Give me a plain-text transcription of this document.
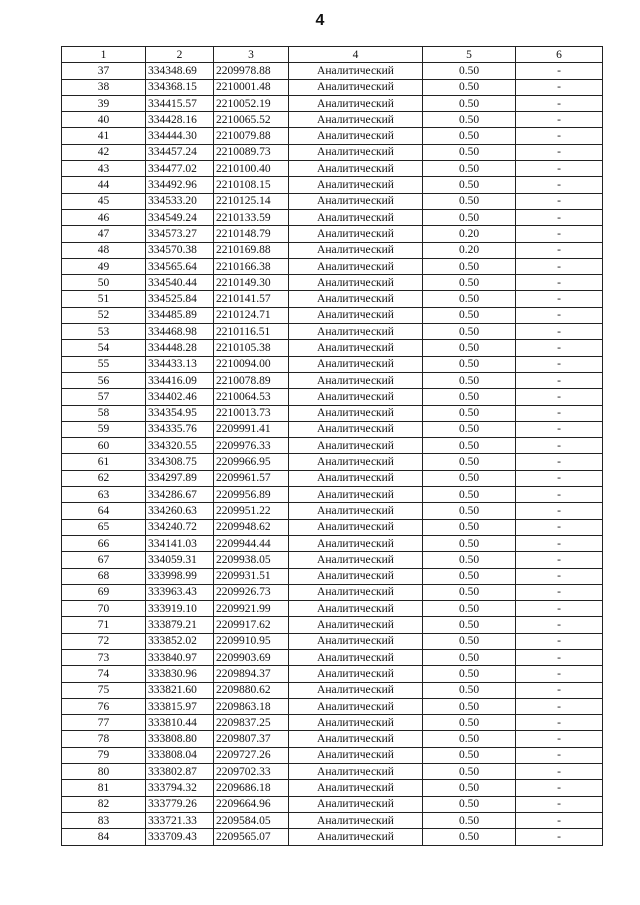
4
1	2	3	4	5	6
37	334348.69	2209978.88	Аналитический	0.50	-
38	334368.15	2210001.48	Аналитический	0.50	-
39	334415.57	2210052.19	Аналитический	0.50	-
40	334428.16	2210065.52	Аналитический	0.50	-
41	334444.30	2210079.88	Аналитический	0.50	-
42	334457.24	2210089.73	Аналитический	0.50	-
43	334477.02	2210100.40	Аналитический	0.50	-
44	334492.96	2210108.15	Аналитический	0.50	-
45	334533.20	2210125.14	Аналитический	0.50	-
46	334549.24	2210133.59	Аналитический	0.50	-
47	334573.27	2210148.79	Аналитический	0.20	-
48	334570.38	2210169.88	Аналитический	0.20	-
49	334565.64	2210166.38	Аналитический	0.50	-
50	334540.44	2210149.30	Аналитический	0.50	-
51	334525.84	2210141.57	Аналитический	0.50	-
52	334485.89	2210124.71	Аналитический	0.50	-
53	334468.98	2210116.51	Аналитический	0.50	-
54	334448.28	2210105.38	Аналитический	0.50	-
55	334433.13	2210094.00	Аналитический	0.50	-
56	334416.09	2210078.89	Аналитический	0.50	-
57	334402.46	2210064.53	Аналитический	0.50	-
58	334354.95	2210013.73	Аналитический	0.50	-
59	334335.76	2209991.41	Аналитический	0.50	-
60	334320.55	2209976.33	Аналитический	0.50	-
61	334308.75	2209966.95	Аналитический	0.50	-
62	334297.89	2209961.57	Аналитический	0.50	-
63	334286.67	2209956.89	Аналитический	0.50	-
64	334260.63	2209951.22	Аналитический	0.50	-
65	334240.72	2209948.62	Аналитический	0.50	-
66	334141.03	2209944.44	Аналитический	0.50	-
67	334059.31	2209938.05	Аналитический	0.50	-
68	333998.99	2209931.51	Аналитический	0.50	-
69	333963.43	2209926.73	Аналитический	0.50	-
70	333919.10	2209921.99	Аналитический	0.50	-
71	333879.21	2209917.62	Аналитический	0.50	-
72	333852.02	2209910.95	Аналитический	0.50	-
73	333840.97	2209903.69	Аналитический	0.50	-
74	333830.96	2209894.37	Аналитический	0.50	-
75	333821.60	2209880.62	Аналитический	0.50	-
76	333815.97	2209863.18	Аналитический	0.50	-
77	333810.44	2209837.25	Аналитический	0.50	-
78	333808.80	2209807.37	Аналитический	0.50	-
79	333808.04	2209727.26	Аналитический	0.50	-
80	333802.87	2209702.33	Аналитический	0.50	-
81	333794.32	2209686.18	Аналитический	0.50	-
82	333779.26	2209664.96	Аналитический	0.50	-
83	333721.33	2209584.05	Аналитический	0.50	-
84	333709.43	2209565.07	Аналитический	0.50	-
